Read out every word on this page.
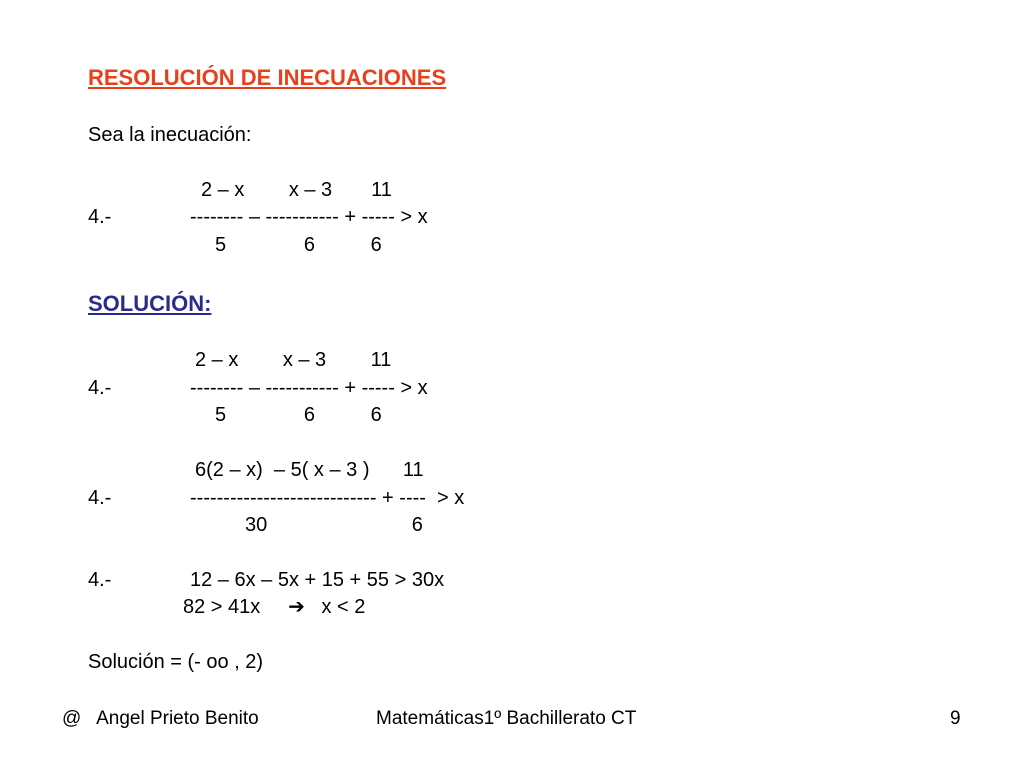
RESOLUCIÓN DE INECUACIONES
Sea la inecuación:
2 – x        x – 3       11
4.-	-------- – ----------- + ----- > x
5              6          6
SOLUCIÓN:
2 – x        x – 3        11
4.-	-------- – ----------- + ----- > x
5              6          6
6(2 – x)  – 5( x – 3 )      11
4.-	---------------------------- + ----  > x
30                          6
4.-	12 – 6x – 5x + 15 + 55 > 30x
82 > 41x     ➔   x < 2
Solución = (- oo , 2)
@   Angel Prieto Benito	Matemáticas1º Bachillerato CT	9
